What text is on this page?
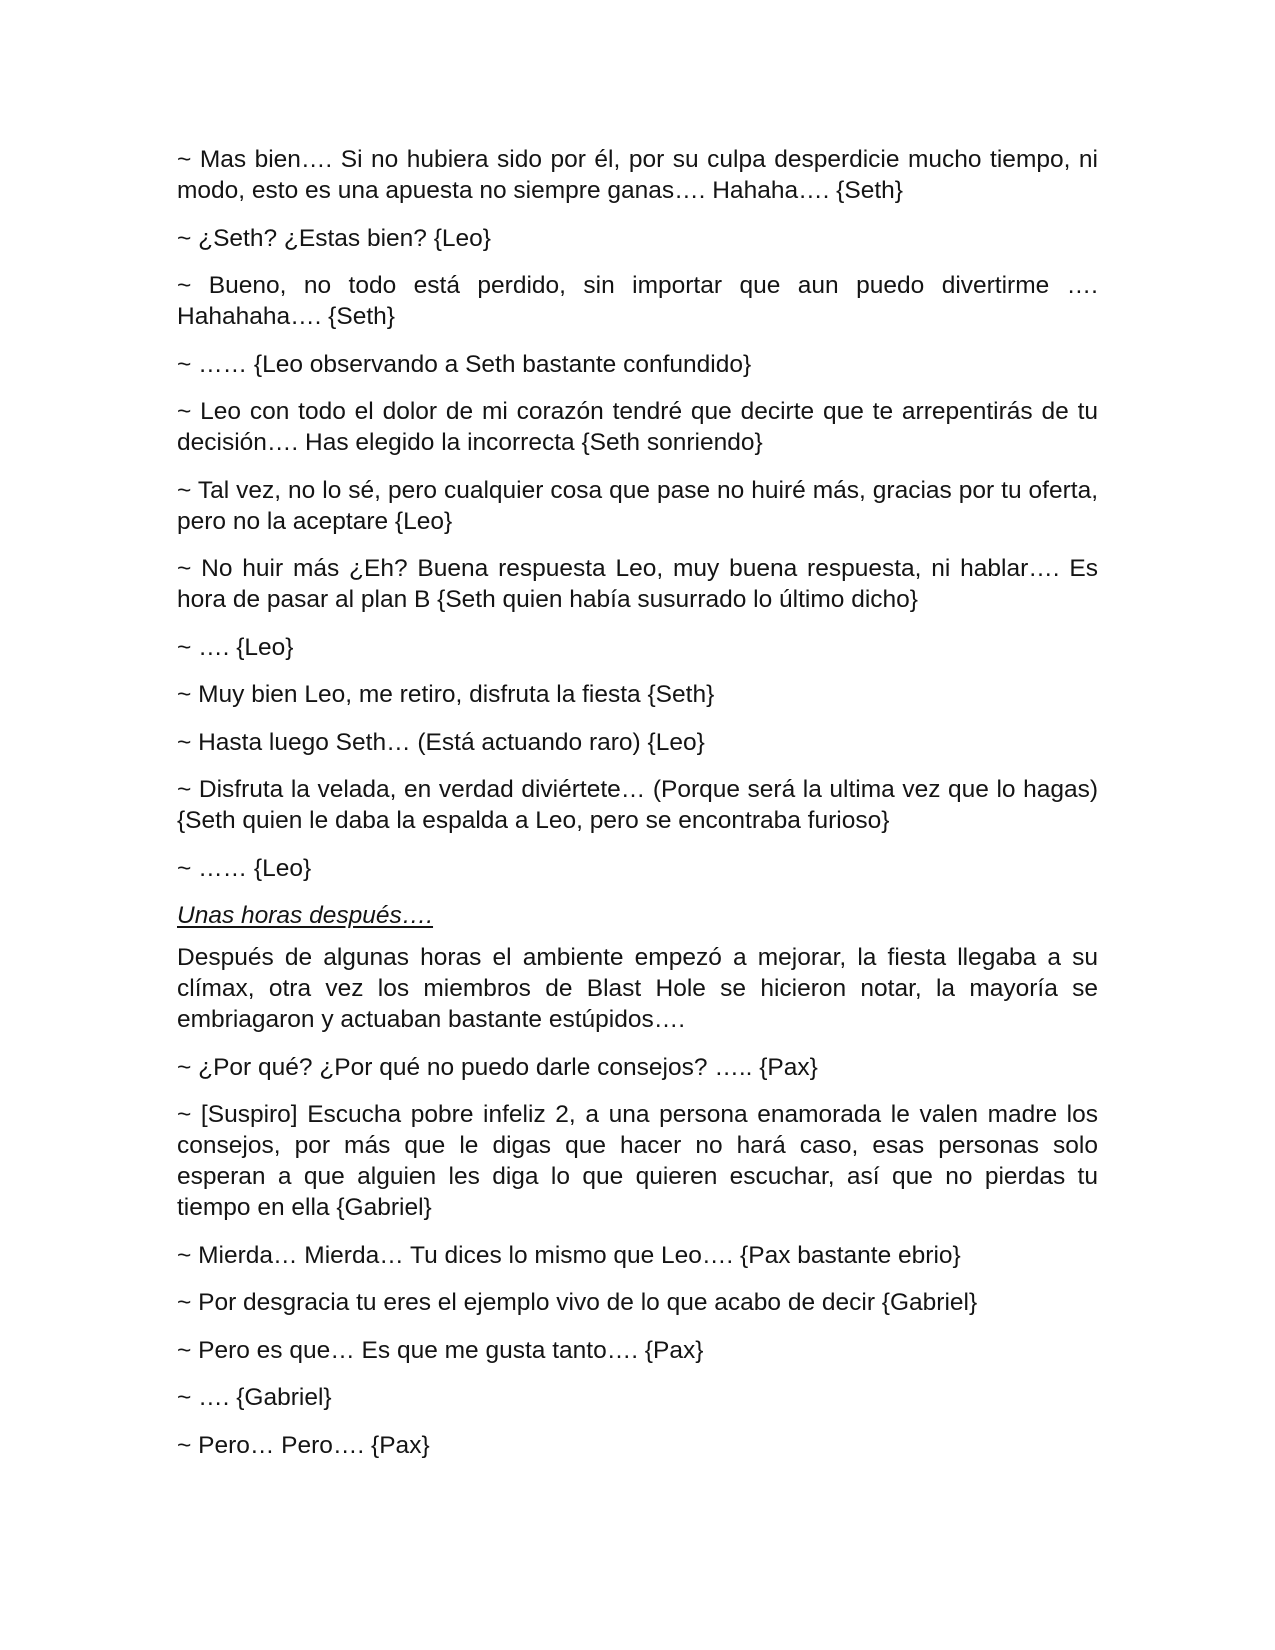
~ Mas bien…. Si no hubiera sido por él, por su culpa desperdicie mucho tiempo, ni modo, esto es una apuesta no siempre ganas…. Hahaha…. {Seth}

~ ¿Seth? ¿Estas bien? {Leo}

~ Bueno, no todo está perdido, sin importar que aun puedo divertirme …. Hahahaha…. {Seth}

~ …… {Leo observando a Seth bastante confundido}

~ Leo con todo el dolor de mi corazón tendré que decirte que te arrepentirás de tu decisión…. Has elegido la incorrecta {Seth sonriendo}

~ Tal vez, no lo sé, pero cualquier cosa que pase no huiré más, gracias por tu oferta, pero no la aceptare {Leo}

~ No huir más ¿Eh? Buena respuesta Leo, muy buena respuesta, ni hablar…. Es hora de pasar al plan B {Seth quien había susurrado lo último dicho}

~ …. {Leo}

~ Muy bien Leo, me retiro, disfruta la fiesta {Seth}

~ Hasta luego Seth… (Está actuando raro) {Leo}

~ Disfruta la velada, en verdad diviértete… (Porque será la ultima vez que lo hagas) {Seth quien le daba la espalda a Leo, pero se encontraba furioso}

~ …… {Leo}

Unas horas después….

Después de algunas horas el ambiente empezó a mejorar, la fiesta llegaba a su clímax, otra vez los miembros de Blast Hole se hicieron notar, la mayoría se embriagaron y actuaban bastante estúpidos….

~ ¿Por qué? ¿Por qué no puedo darle consejos? ….. {Pax}

~ [Suspiro] Escucha pobre infeliz 2, a una persona enamorada le valen madre los consejos, por más que le digas que hacer no hará caso, esas personas solo esperan a que alguien les diga lo que quieren escuchar, así que no pierdas tu tiempo en ella {Gabriel}

~ Mierda… Mierda… Tu dices lo mismo que Leo…. {Pax bastante ebrio}

~ Por desgracia tu eres el ejemplo vivo de lo que acabo de decir {Gabriel}

~ Pero es que… Es que me gusta tanto…. {Pax}

~ …. {Gabriel}

~ Pero… Pero…. {Pax}
